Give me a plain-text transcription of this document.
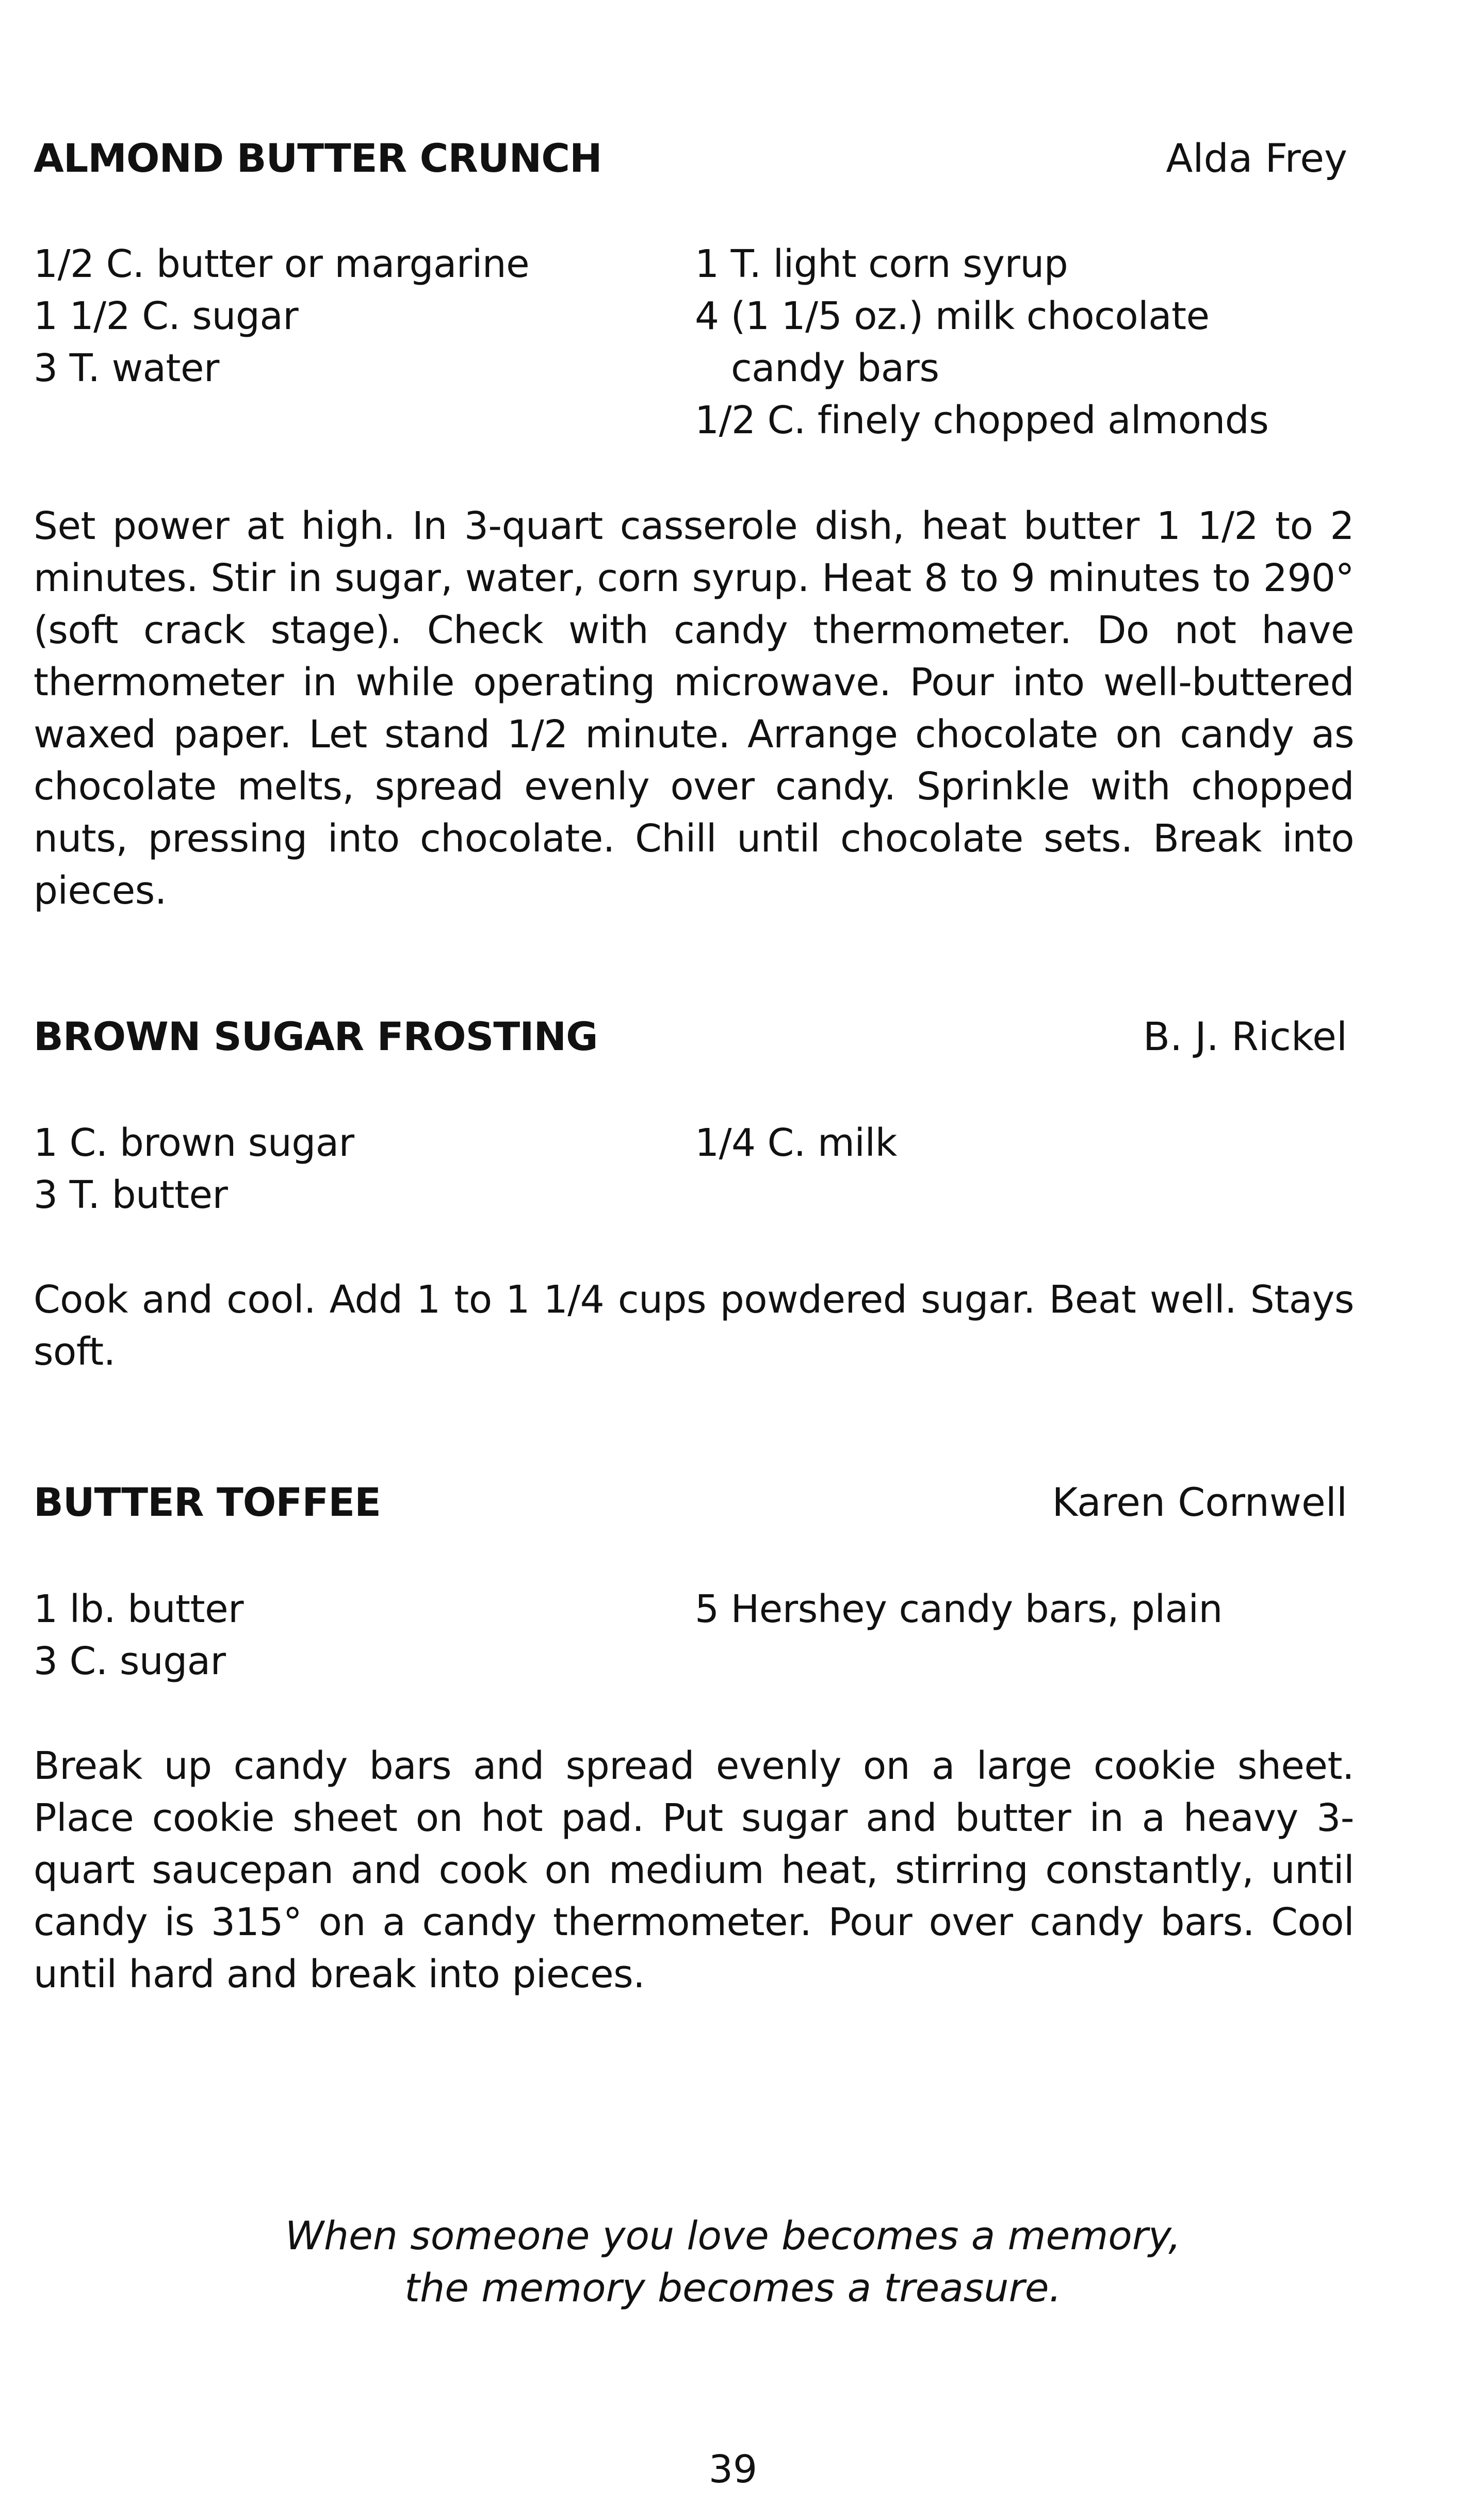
ALMOND BUTTER CRUNCH	Alda Frey
1/2 C. butter or margarine
1 1/2 C. sugar
3 T. water
1 T. light corn syrup
4 (1 1/5 oz.) milk chocolate
candy bars
1/2 C. finely chopped almonds
Set power at high. In 3-quart casserole dish, heat butter 1 1/2 to 2 minutes. Stir in sugar, water, corn syrup. Heat 8 to 9 minutes to 290° (soft crack stage). Check with candy thermometer. Do not have thermometer in while operating microwave. Pour into well-buttered waxed paper. Let stand 1/2 minute. Arrange chocolate on candy as chocolate melts, spread evenly over candy. Sprinkle with chopped nuts, pressing into chocolate. Chill until chocolate sets. Break into pieces.
BROWN SUGAR FROSTING	B. J. Rickel
1 C. brown sugar
3 T. butter
1/4 C. milk
Cook and cool. Add 1 to 1 1/4 cups powdered sugar. Beat well. Stays soft.
BUTTER TOFFEE	Karen Cornwell
1 lb. butter
3 C. sugar
5 Hershey candy bars, plain
Break up candy bars and spread evenly on a large cookie sheet. Place cookie sheet on hot pad. Put sugar and butter in a heavy 3-quart saucepan and cook on medium heat, stirring constantly, until candy is 315° on a candy thermometer. Pour over candy bars. Cool until hard and break into pieces.
When someone you love becomes a memory,
the memory becomes a treasure.
39
